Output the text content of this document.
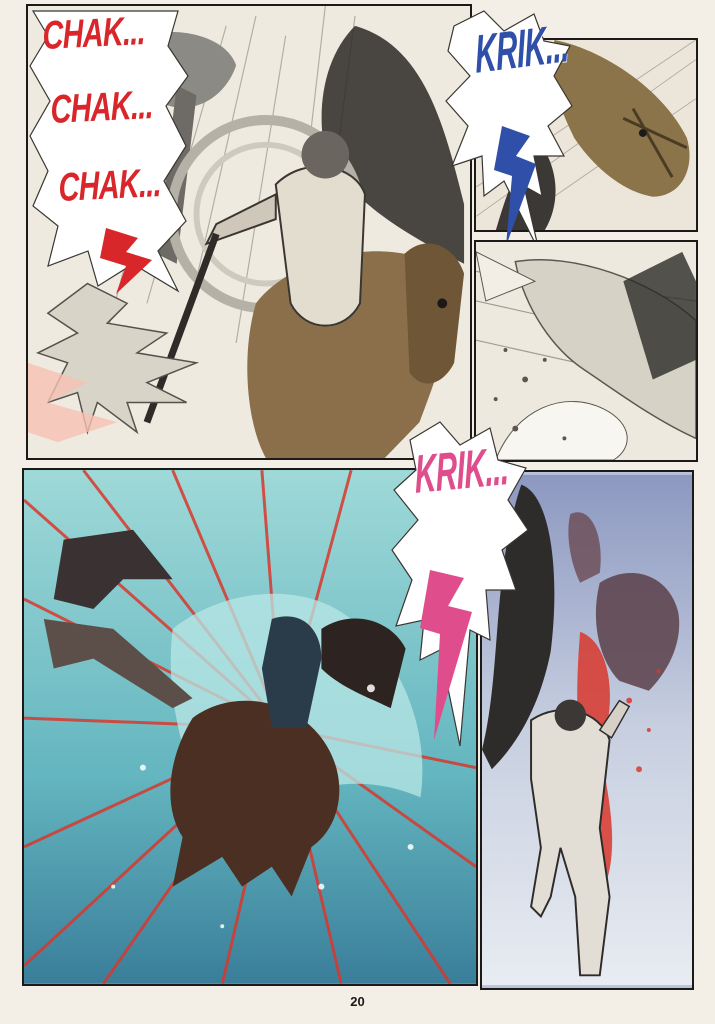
CHAK...
CHAK...
CHAK...
KRIK...
KRIK...
20
